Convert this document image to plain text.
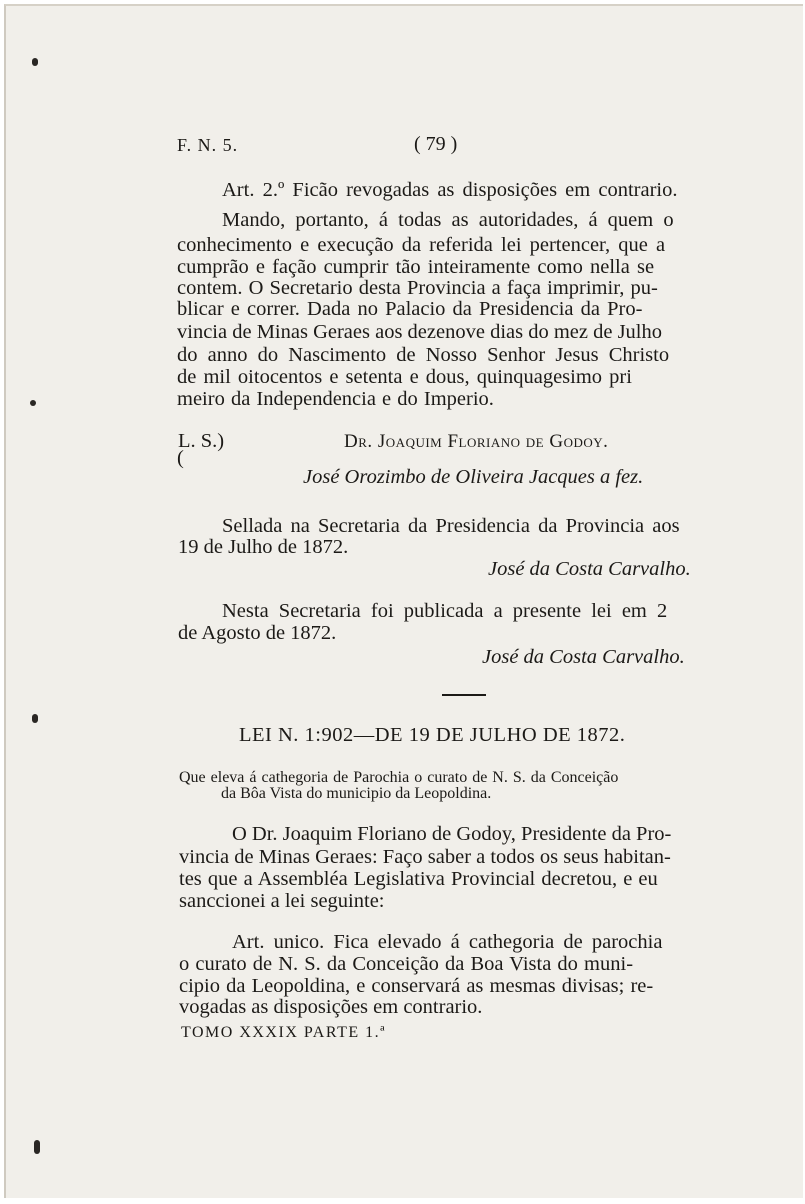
F. N. 5.	( 79 )
Art. 2.º Ficão revogadas as disposições em contrario.
Mando, portanto, á todas as autoridades, á quem o
conhecimento e execução da referida lei pertencer, que a
cumprão e fação cumprir tão inteiramente como nella se
contem. O Secretario desta Provincia a faça imprimir, pu-
blicar e correr. Dada no Palacio da Presidencia da Pro-
vincia de Minas Geraes aos dezenove dias do mez de Julho
do anno do Nascimento de Nosso Senhor Jesus Christo
de mil oitocentos e setenta e dous, quinquagesimo pri
meiro da Independencia e do Imperio.
L. S.)
(
Dr. Joaquim Floriano de Godoy.
José Orozimbo de Oliveira Jacques a fez.
Sellada na Secretaria da Presidencia da Provincia aos
19 de Julho de 1872.
José da Costa Carvalho.
Nesta Secretaria foi publicada a presente lei em 2
de Agosto de 1872.
José da Costa Carvalho.
LEI N. 1:902—DE 19 DE JULHO DE 1872.
Que eleva á cathegoria de Parochia o curato de N. S. da Conceição
da Bôa Vista do municipio da Leopoldina.
O Dr. Joaquim Floriano de Godoy, Presidente da Pro-
vincia de Minas Geraes: Faço saber a todos os seus habitan-
tes que a Assembléa Legislativa Provincial decretou, e eu
sanccionei a lei seguinte:
Art. unico. Fica elevado á cathegoria de parochia
o curato de N. S. da Conceição da Boa Vista do muni-
cipio da Leopoldina, e conservará as mesmas divisas; re-
vogadas as disposições em contrario.
TOMO XXXIX PARTE 1.ª
